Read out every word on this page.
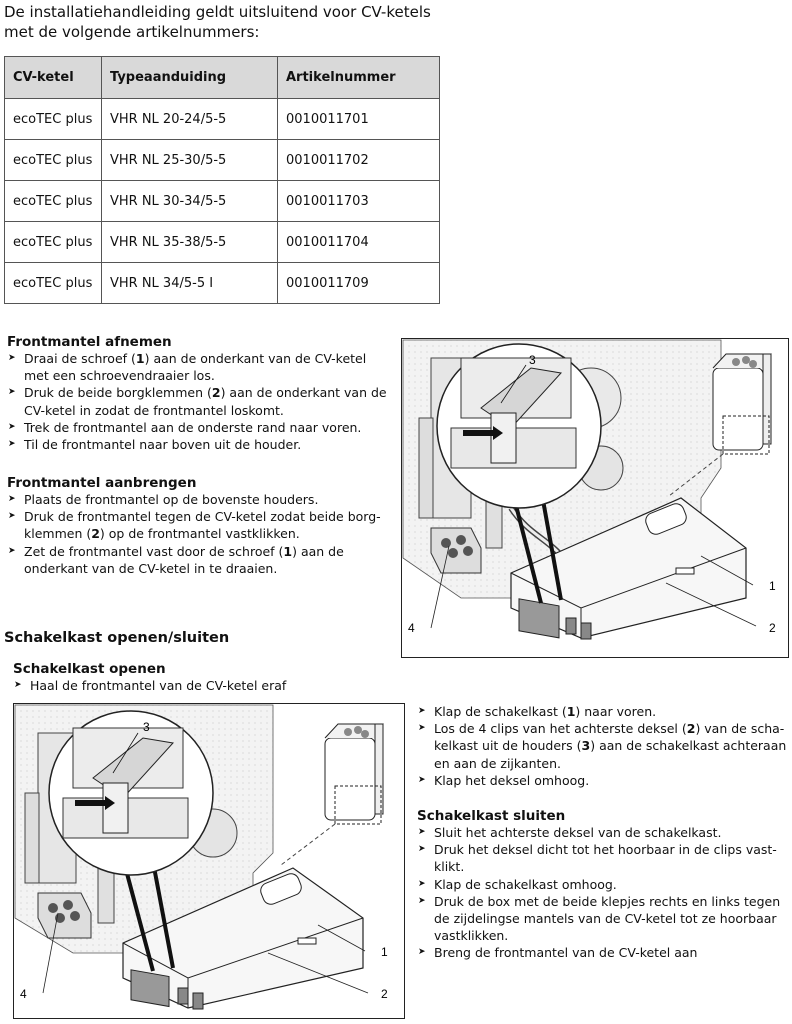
De installatiehandleiding geldt uitsluitend voor CV-ketels
met de volgende artikelnummers:
CV-ketel	Typeaanduiding	Artikelnummer
ecoTEC plus	VHR NL 20-24/5-5	0010011701
ecoTEC plus	VHR NL 25-30/5-5	0010011702
ecoTEC plus	VHR NL 30-34/5-5	0010011703
ecoTEC plus	VHR NL 35-38/5-5	0010011704
ecoTEC plus	VHR NL 34/5-5 I	0010011709
Frontmantel afnemen
➤ Draai de schroef (1) aan de onderkant van de CV-ketel met een schroevendraaier los.
➤ Druk de beide borgklemmen (2) aan de onderkant van de CV-ketel in zodat de frontmantel loskomt.
➤ Trek de frontmantel aan de onderste rand naar voren.
➤ Til de frontmantel naar boven uit de houder.
Frontmantel aanbrengen
➤ Plaats de frontmantel op de bovenste houders.
➤ Druk de frontmantel tegen de CV-ketel zodat beide borg-klemmen (2) op de frontmantel vastklikken.
➤ Zet de frontmantel vast door de schroef (1) aan de onderkant van de CV-ketel in te draaien.
Schakelkast openen/sluiten
Schakelkast openen
➤ Haal de frontmantel van de CV-ketel eraf
➤ Klap de schakelkast (1) naar voren.
➤ Los de 4 clips van het achterste deksel (2) van de scha-kelkast uit de houders (3) aan de schakelkast achteraan en aan de zijkanten.
➤ Klap het deksel omhoog.
Schakelkast sluiten
➤ Sluit het achterste deksel van de schakelkast.
➤ Druk het deksel dicht tot het hoorbaar in de clips vast-klikt.
➤ Klap de schakelkast omhoog.
➤ Druk de box met de beide klepjes rechts en links tegen de zijdelingse mantels van de CV-ketel tot ze hoorbaar vastklikken.
➤ Breng de frontmantel van de CV-ketel aan
1
2
3
4
1
2
3
4
